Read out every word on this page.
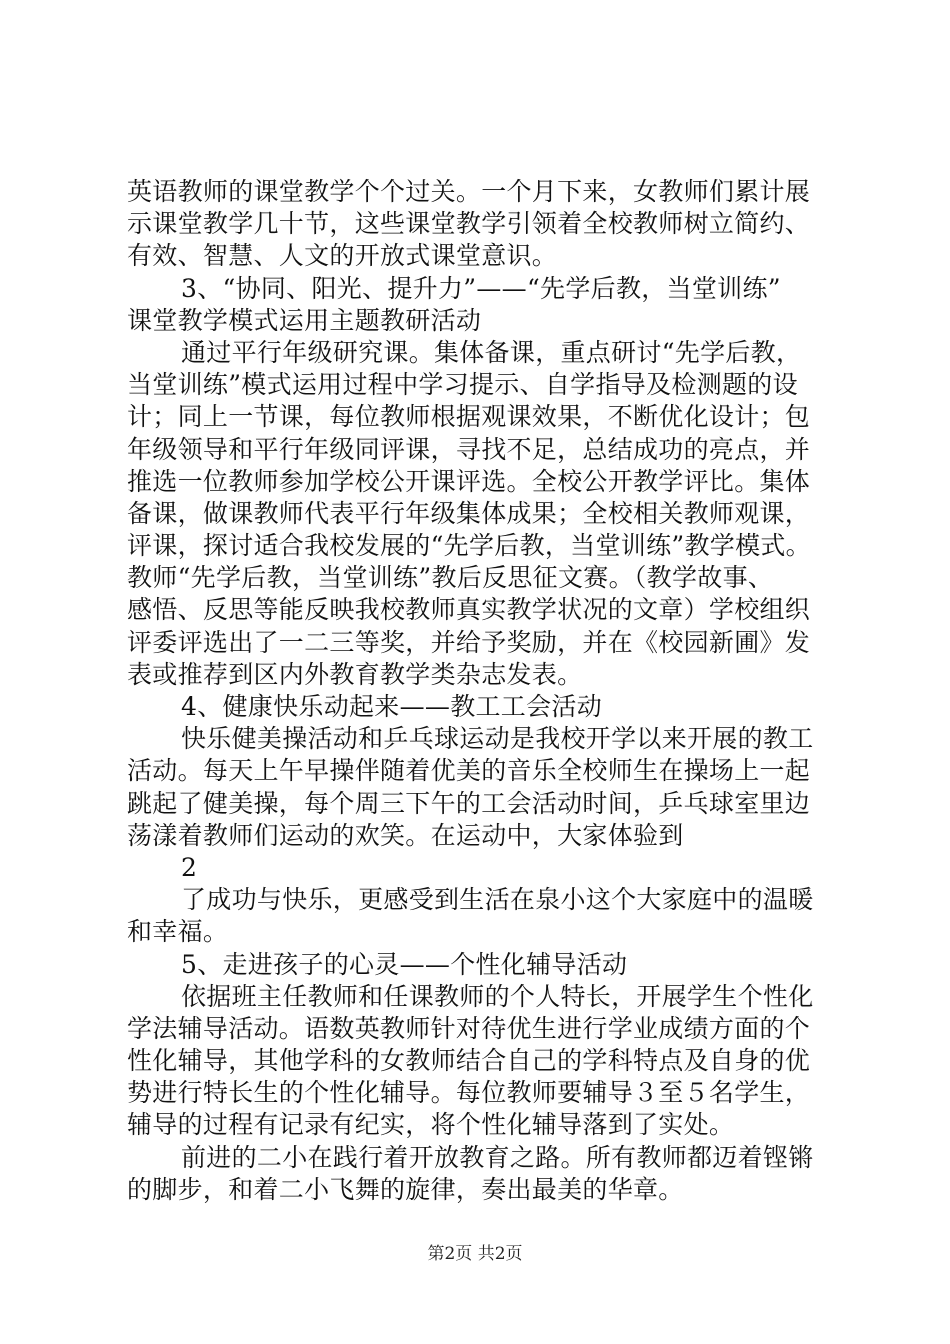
英语教师的课堂教学个个过关。一个月下来，女教师们累计展
示课堂教学几十节，这些课堂教学引领着全校教师树立简约、
有效、智慧、人文的开放式课堂意识。
3、“协同、阳光、提升力”——“先学后教，当堂训练”
课堂教学模式运用主题教研活动
通过平行年级研究课。集体备课，重点研讨“先学后教，
当堂训练”模式运用过程中学习提示、自学指导及检测题的设
计；同上一节课，每位教师根据观课效果，不断优化设计；包
年级领导和平行年级同评课，寻找不足，总结成功的亮点，并
推选一位教师参加学校公开课评选。全校公开教学评比。集体
备课，做课教师代表平行年级集体成果；全校相关教师观课，
评课，探讨适合我校发展的“先学后教，当堂训练”教学模式。
教师“先学后教，当堂训练”教后反思征文赛。（教学故事、
感悟、反思等能反映我校教师真实教学状况的文章）学校组织
评委评选出了一二三等奖，并给予奖励，并在《校园新圃》发
表或推荐到区内外教育教学类杂志发表。
4、健康快乐动起来——教工工会活动
快乐健美操活动和乒乓球运动是我校开学以来开展的教工
活动。每天上午早操伴随着优美的音乐全校师生在操场上一起
跳起了健美操，每个周三下午的工会活动时间，乒乓球室里边
荡漾着教师们运动的欢笑。在运动中，大家体验到
2
了成功与快乐，更感受到生活在泉小这个大家庭中的温暖
和幸福。
5、走进孩子的心灵——个性化辅导活动
依据班主任教师和任课教师的个人特长，开展学生个性化
学法辅导活动。语数英教师针对待优生进行学业成绩方面的个
性化辅导，其他学科的女教师结合自己的学科特点及自身的优
势进行特长生的个性化辅导。每位教师要辅导３至５名学生，
辅导的过程有记录有纪实，将个性化辅导落到了实处。
前进的二小在践行着开放教育之路。所有教师都迈着铿锵
的脚步，和着二小飞舞的旋律，奏出最美的华章。
第2页 共2页
